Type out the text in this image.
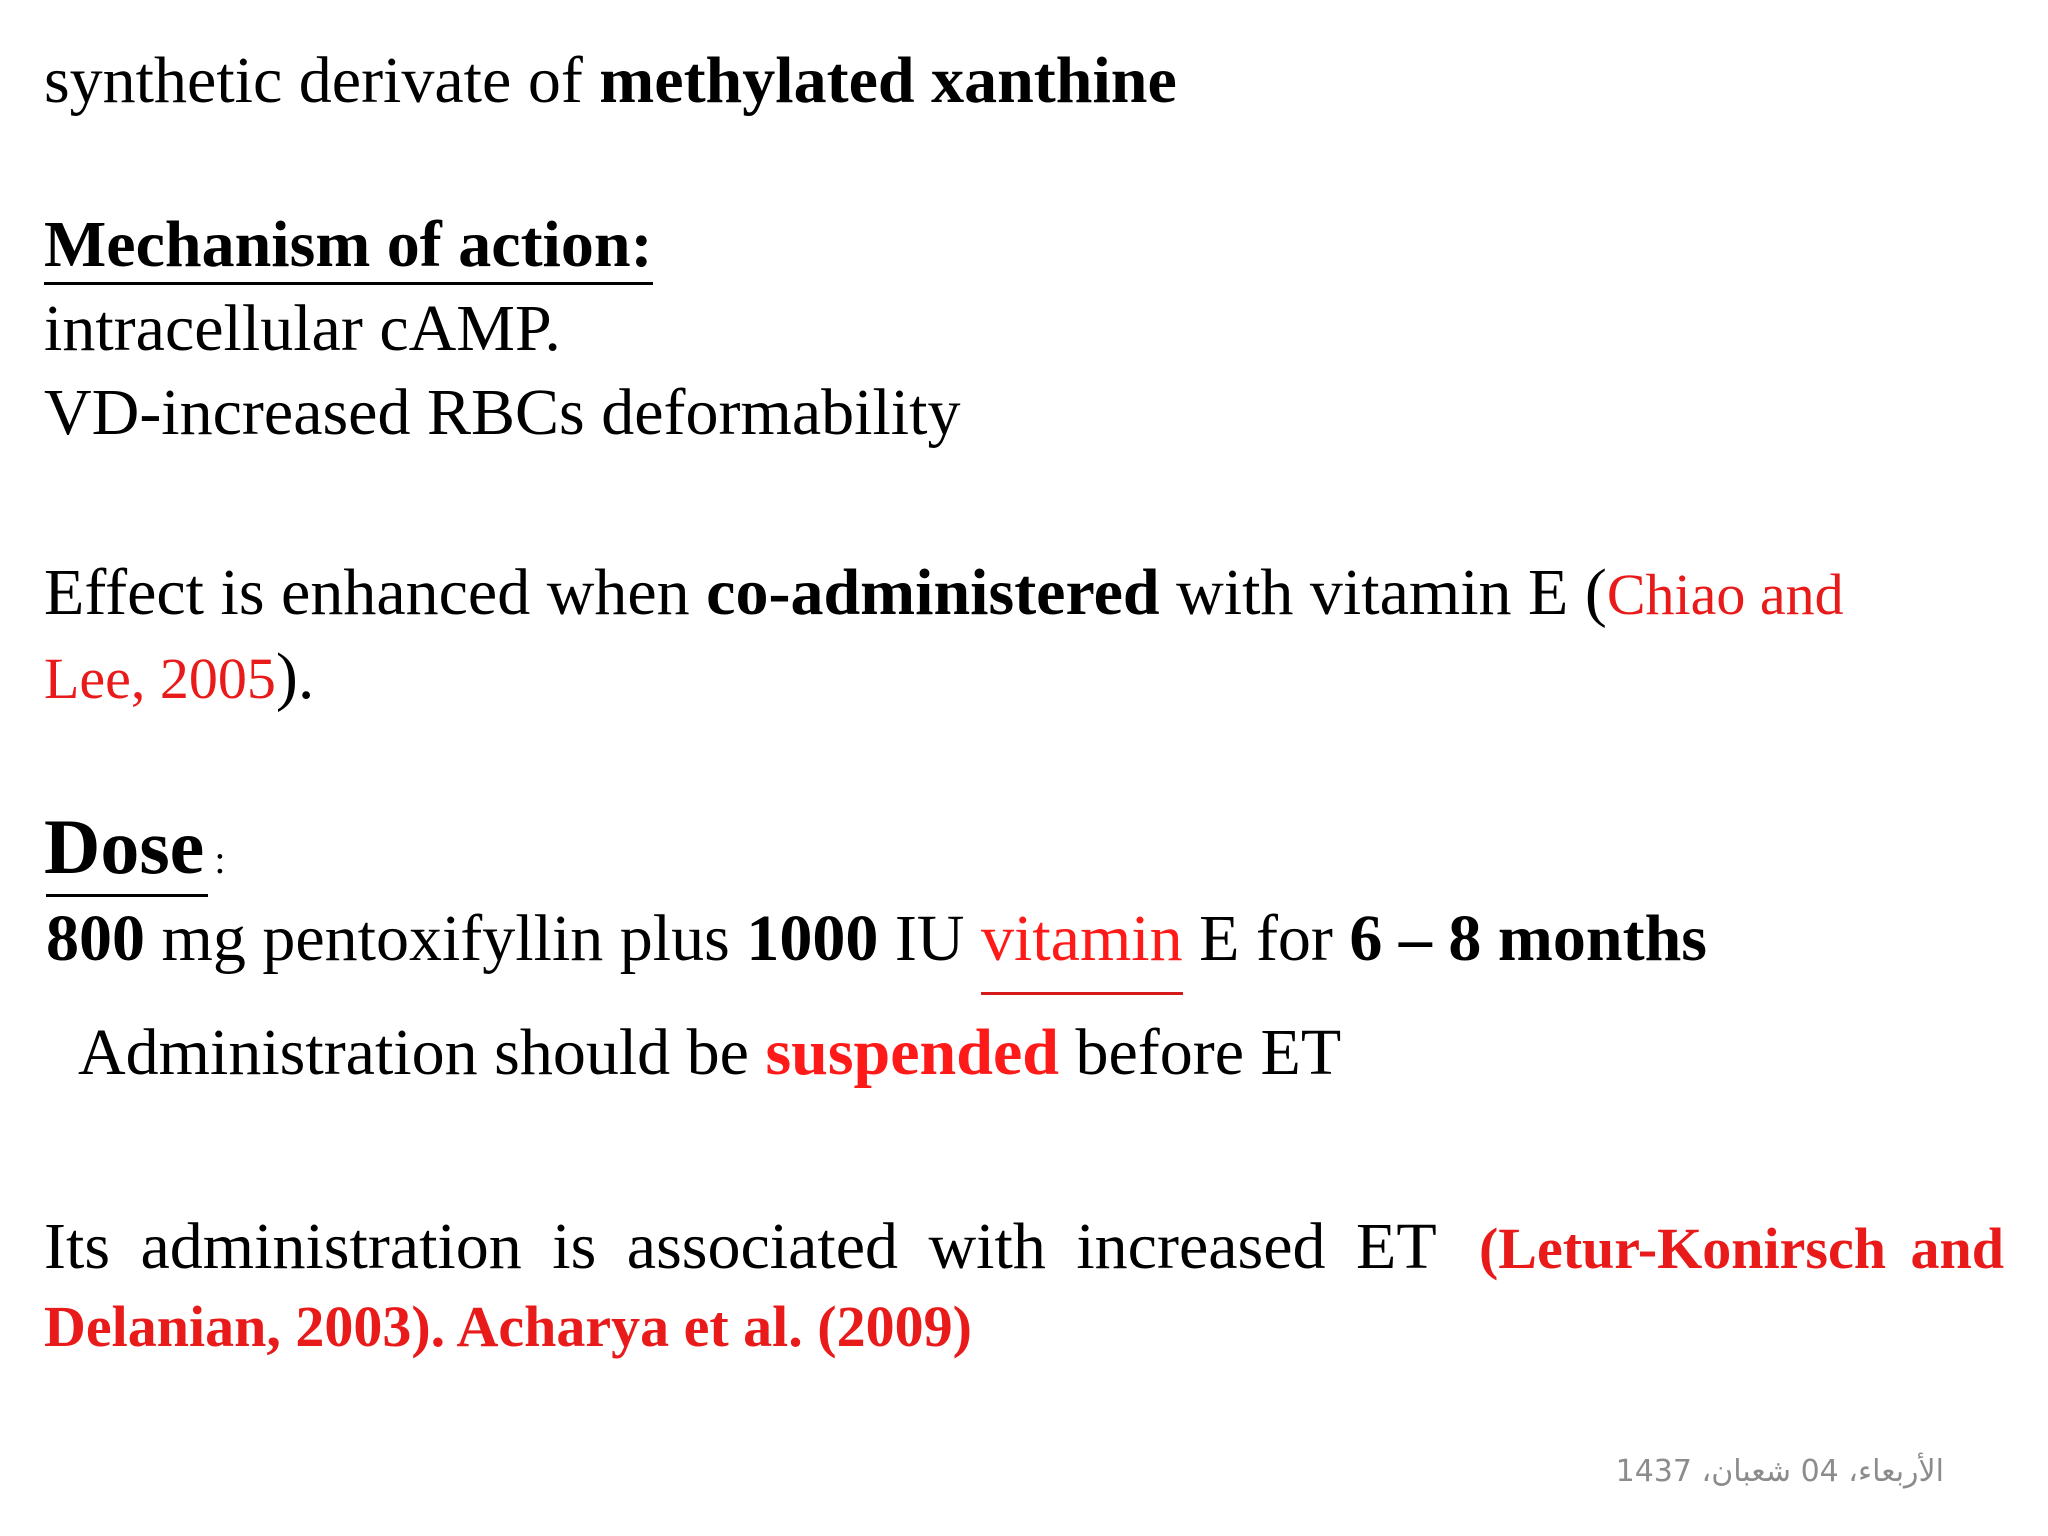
synthetic derivate of methylated xanthine
Mechanism of action:
intracellular cAMP.
VD-increased RBCs deformability
Effect is enhanced when co-administered with vitamin E (Chiao and
Lee, 2005).
Dose :
800 mg pentoxifyllin plus 1000 IU vitamin E for 6 – 8 months
Administration should be suspended before ET
Its administration is associated with increased ET (Letur-Konirsch and
Delanian, 2003). Acharya et al. (2009)
الأربعاء، 04 شعبان، 1437
